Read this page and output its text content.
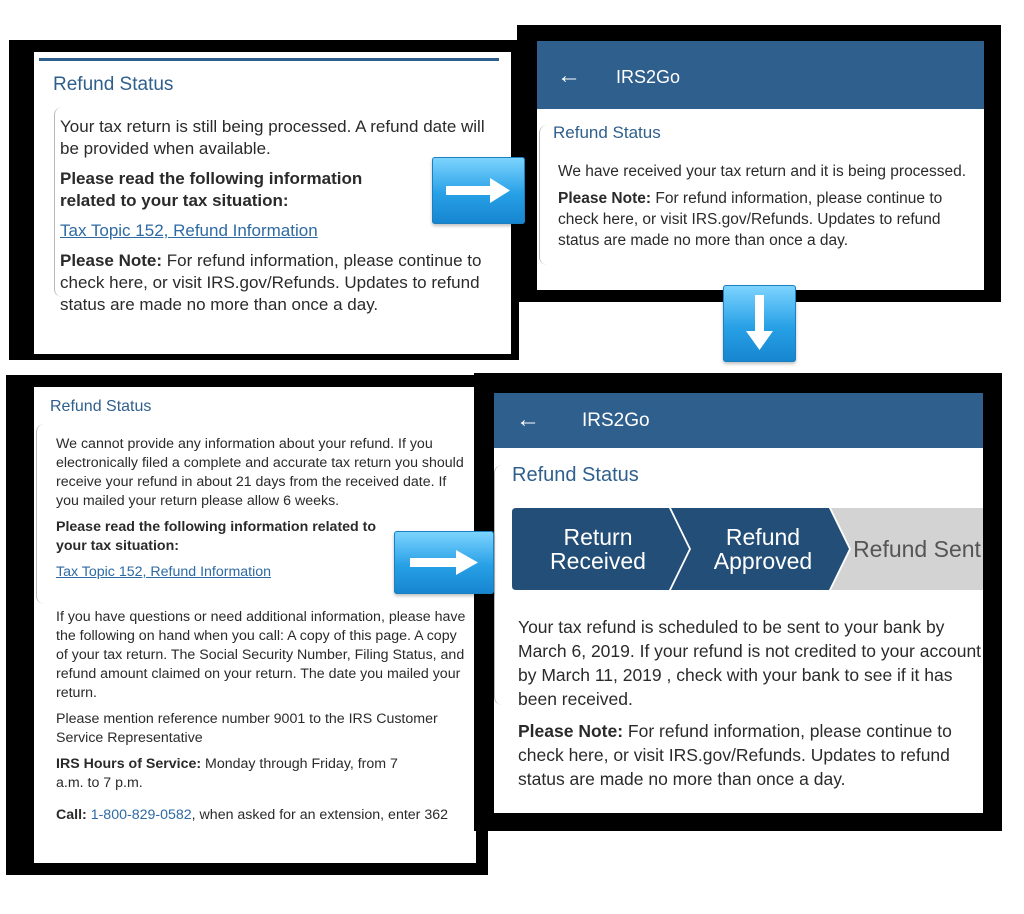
Refund Status

Your tax return is still being processed. A refund date will be provided when available.

Please read the following information related to your tax situation:

Tax Topic 152, Refund Information

Please Note: For refund information, please continue to check here, or visit IRS.gov/Refunds. Updates to refund status are made no more than once a day.

← IRS2Go
Refund Status

We have received your tax return and it is being processed.

Please Note: For refund information, please continue to check here, or visit IRS.gov/Refunds. Updates to refund status are made no more than once a day.

Refund Status

We cannot provide any information about your refund. If you electronically filed a complete and accurate tax return you should receive your refund in about 21 days from the received date. If you mailed your return please allow 6 weeks.

Please read the following information related to your tax situation:

Tax Topic 152, Refund Information

If you have questions or need additional information, please have the following on hand when you call: A copy of this page. A copy of your tax return. The Social Security Number, Filing Status, and refund amount claimed on your return. The date you mailed your return.

Please mention reference number 9001 to the IRS Customer Service Representative

IRS Hours of Service: Monday through Friday, from 7 a.m. to 7 p.m.

Call: 1-800-829-0582, when asked for an extension, enter 362

← IRS2Go
Refund Status
Return Received
Refund Approved	Refund Sent

Your tax refund is scheduled to be sent to your bank by March 6, 2019. If your refund is not credited to your account by March 11, 2019 , check with your bank to see if it has been received.

Please Note: For refund information, please continue to check here, or visit IRS.gov/Refunds. Updates to refund status are made no more than once a day.
